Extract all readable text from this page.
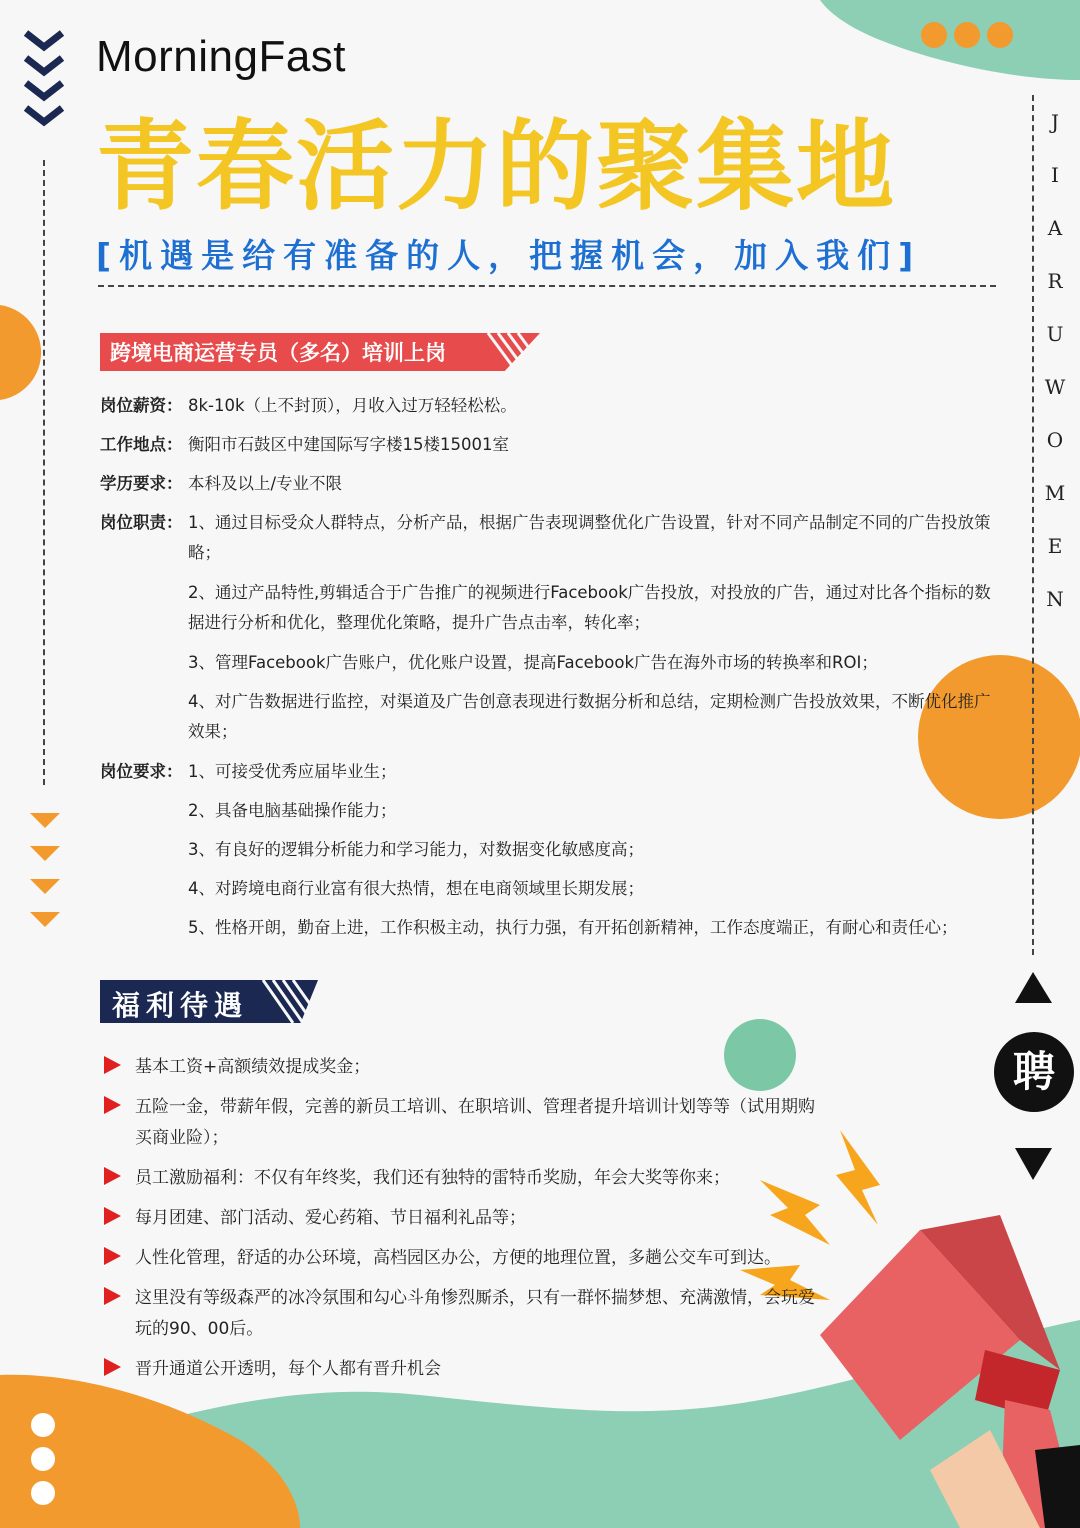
MorningFast
青春活力的聚集地
[机遇是给有准备的人，把握机会，加入我们]
J
I
A
R
U
W
O
M
E
N
跨境电商运营专员（多名）培训上岗
岗位薪资： 8k-10k（上不封顶），月收入过万轻轻松松。
工作地点： 衡阳市石鼓区中建国际写字楼15楼15001室
学历要求： 本科及以上/专业不限
岗位职责： 1、通过目标受众人群特点，分析产品，根据广告表现调整优化广告设置，针对不同产品制定不同的广告投放策略；
2、通过产品特性,剪辑适合于广告推广的视频进行Facebook广告投放，对投放的广告，通过对比各个指标的数据进行分析和优化，整理优化策略，提升广告点击率，转化率；
3、管理Facebook广告账户，优化账户设置，提高Facebook广告在海外市场的转换率和ROI；
4、对广告数据进行监控，对渠道及广告创意表现进行数据分析和总结，定期检测广告投放效果，不断优化推广效果；
岗位要求： 1、可接受优秀应届毕业生；
2、具备电脑基础操作能力；
3、有良好的逻辑分析能力和学习能力，对数据变化敏感度高；
4、对跨境电商行业富有很大热情，想在电商领域里长期发展；
5、性格开朗，勤奋上进，工作积极主动，执行力强，有开拓创新精神，工作态度端正，有耐心和责任心；
福利待遇
基本工资+高额绩效提成奖金；
五险一金，带薪年假，完善的新员工培训、在职培训、管理者提升培训计划等等（试用期购买商业险）；
员工激励福利：不仅有年终奖，我们还有独特的雷特币奖励，年会大奖等你来；
每月团建、部门活动、爱心药箱、节日福利礼品等；
人性化管理，舒适的办公环境，高档园区办公，方便的地理位置，多趟公交车可到达。
这里没有等级森严的冰冷氛围和勾心斗角惨烈厮杀，只有一群怀揣梦想、充满激情，会玩爱玩的90、00后。
晋升通道公开透明，每个人都有晋升机会
聘
